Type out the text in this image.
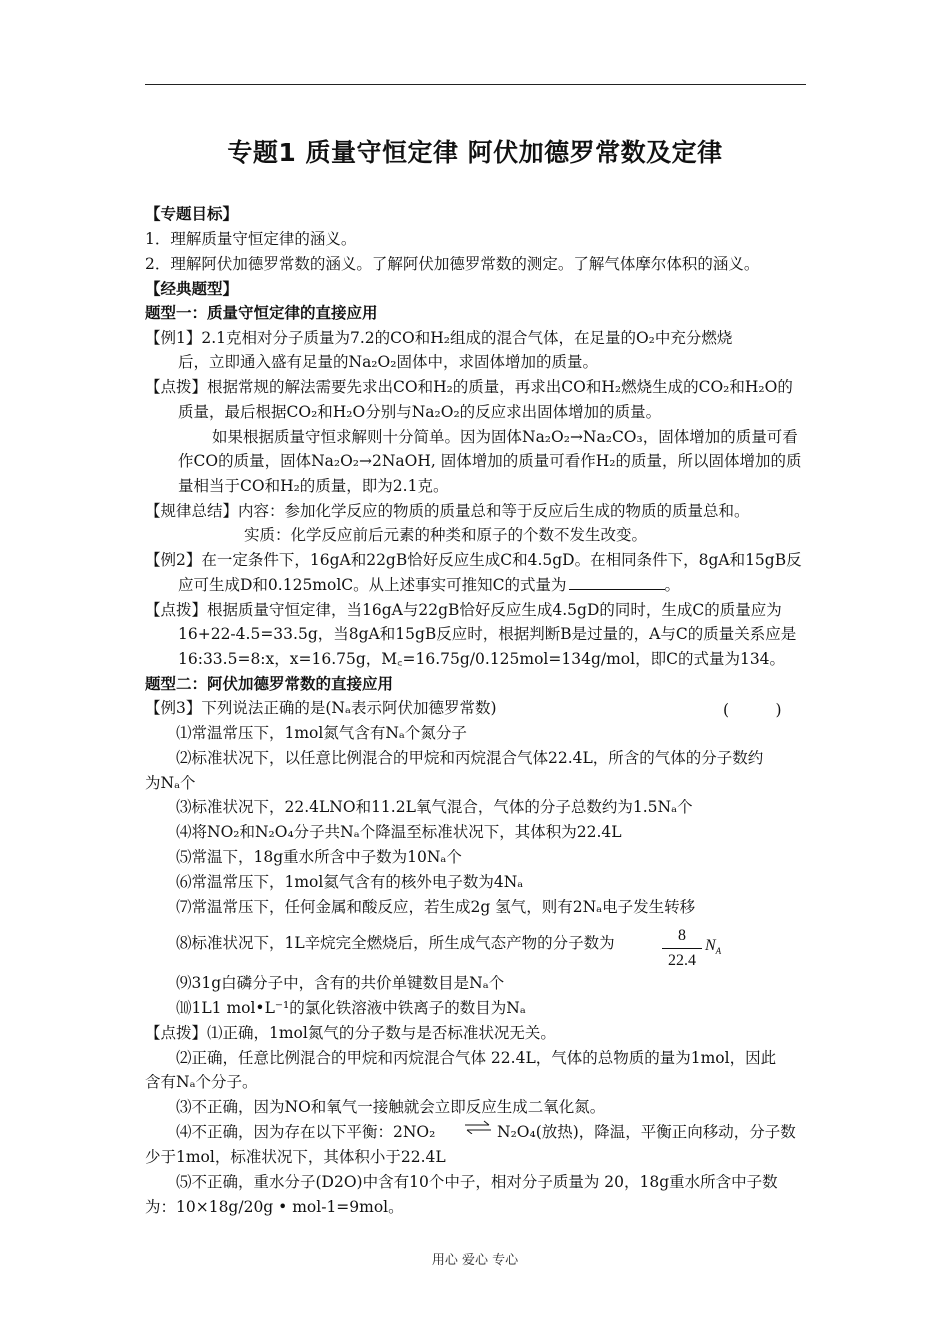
专题1 质量守恒定律 阿伏加德罗常数及定律
【专题目标】
1．理解质量守恒定律的涵义。
2．理解阿伏加德罗常数的涵义。了解阿伏加德罗常数的测定。了解气体摩尔体积的涵义。
【经典题型】
题型一：质量守恒定律的直接应用
【例1】2.1克相对分子质量为7.2的CO和H₂组成的混合气体，在足量的O₂中充分燃烧
后，立即通入盛有足量的Na₂O₂固体中，求固体增加的质量。
【点拨】根据常规的解法需要先求出CO和H₂的质量，再求出CO和H₂燃烧生成的CO₂和H₂O的
质量，最后根据CO₂和H₂O分别与Na₂O₂的反应求出固体增加的质量。
如果根据质量守恒求解则十分简单。因为固体Na₂O₂→Na₂CO₃，固体增加的质量可看
作CO的质量，固体Na₂O₂→2NaOH, 固体增加的质量可看作H₂的质量，所以固体增加的质
量相当于CO和H₂的质量，即为2.1克。
【规律总结】内容：参加化学反应的物质的质量总和等于反应后生成的物质的质量总和。
实质：化学反应前后元素的种类和原子的个数不发生改变。
【例2】在一定条件下，16gA和22gB恰好反应生成C和4.5gD。在相同条件下，8gA和15gB反
应可生成D和0.125molC。从上述事实可推知C的式量为	。
【点拨】根据质量守恒定律，当16gA与22gB恰好反应生成4.5gD的同时，生成C的质量应为
16+22-4.5=33.5g，当8gA和15gB反应时，根据判断B是过量的，A与C的质量关系应是
16:33.5=8:x，x=16.75g，M꜀=16.75g/0.125mol=134g/mol，即C的式量为134。
题型二：阿伏加德罗常数的直接应用
【例3】下列说法正确的是(Nₐ表示阿伏加德罗常数)	(　　　)
⑴常温常压下，1mol氮气含有Nₐ个氮分子
⑵标准状况下，以任意比例混合的甲烷和丙烷混合气体22.4L，所含的气体的分子数约
为Nₐ个
⑶标准状况下，22.4LNO和11.2L氧气混合，气体的分子总数约为1.5Nₐ个
⑷将NO₂和N₂O₄分子共Nₐ个降温至标准状况下，其体积为22.4L
⑸常温下，18g重水所含中子数为10Nₐ个
⑹常温常压下，1mol氦气含有的核外电子数为4Nₐ
⑺常温常压下，任何金属和酸反应，若生成2g 氢气，则有2Nₐ电子发生转移
⑻标准状况下，1L辛烷完全燃烧后，所生成气态产物的分子数为	8
22.4
$N_A$
⑼31g白磷分子中，含有的共价单键数目是Nₐ个
⑽1L1 mol•L⁻¹的氯化铁溶液中铁离子的数目为Nₐ
【点拨】⑴正确，1mol氮气的分子数与是否标准状况无关。
⑵正确，任意比例混合的甲烷和丙烷混合气体 22.4L，气体的总物质的量为1mol，因此
含有Nₐ个分子。
⑶不正确，因为NO和氧气一接触就会立即反应生成二氧化氮。
⑷不正确，因为存在以下平衡：2NO₂ ⇌ N₂O₄(放热)，降温，平衡正向移动，分子数
少于1mol，标准状况下，其体积小于22.4L
⑸不正确，重水分子(D2O)中含有10个中子，相对分子质量为 20，18g重水所含中子数
为：10×18g/20g • mol-1=9mol。
用心 爱心 专心
